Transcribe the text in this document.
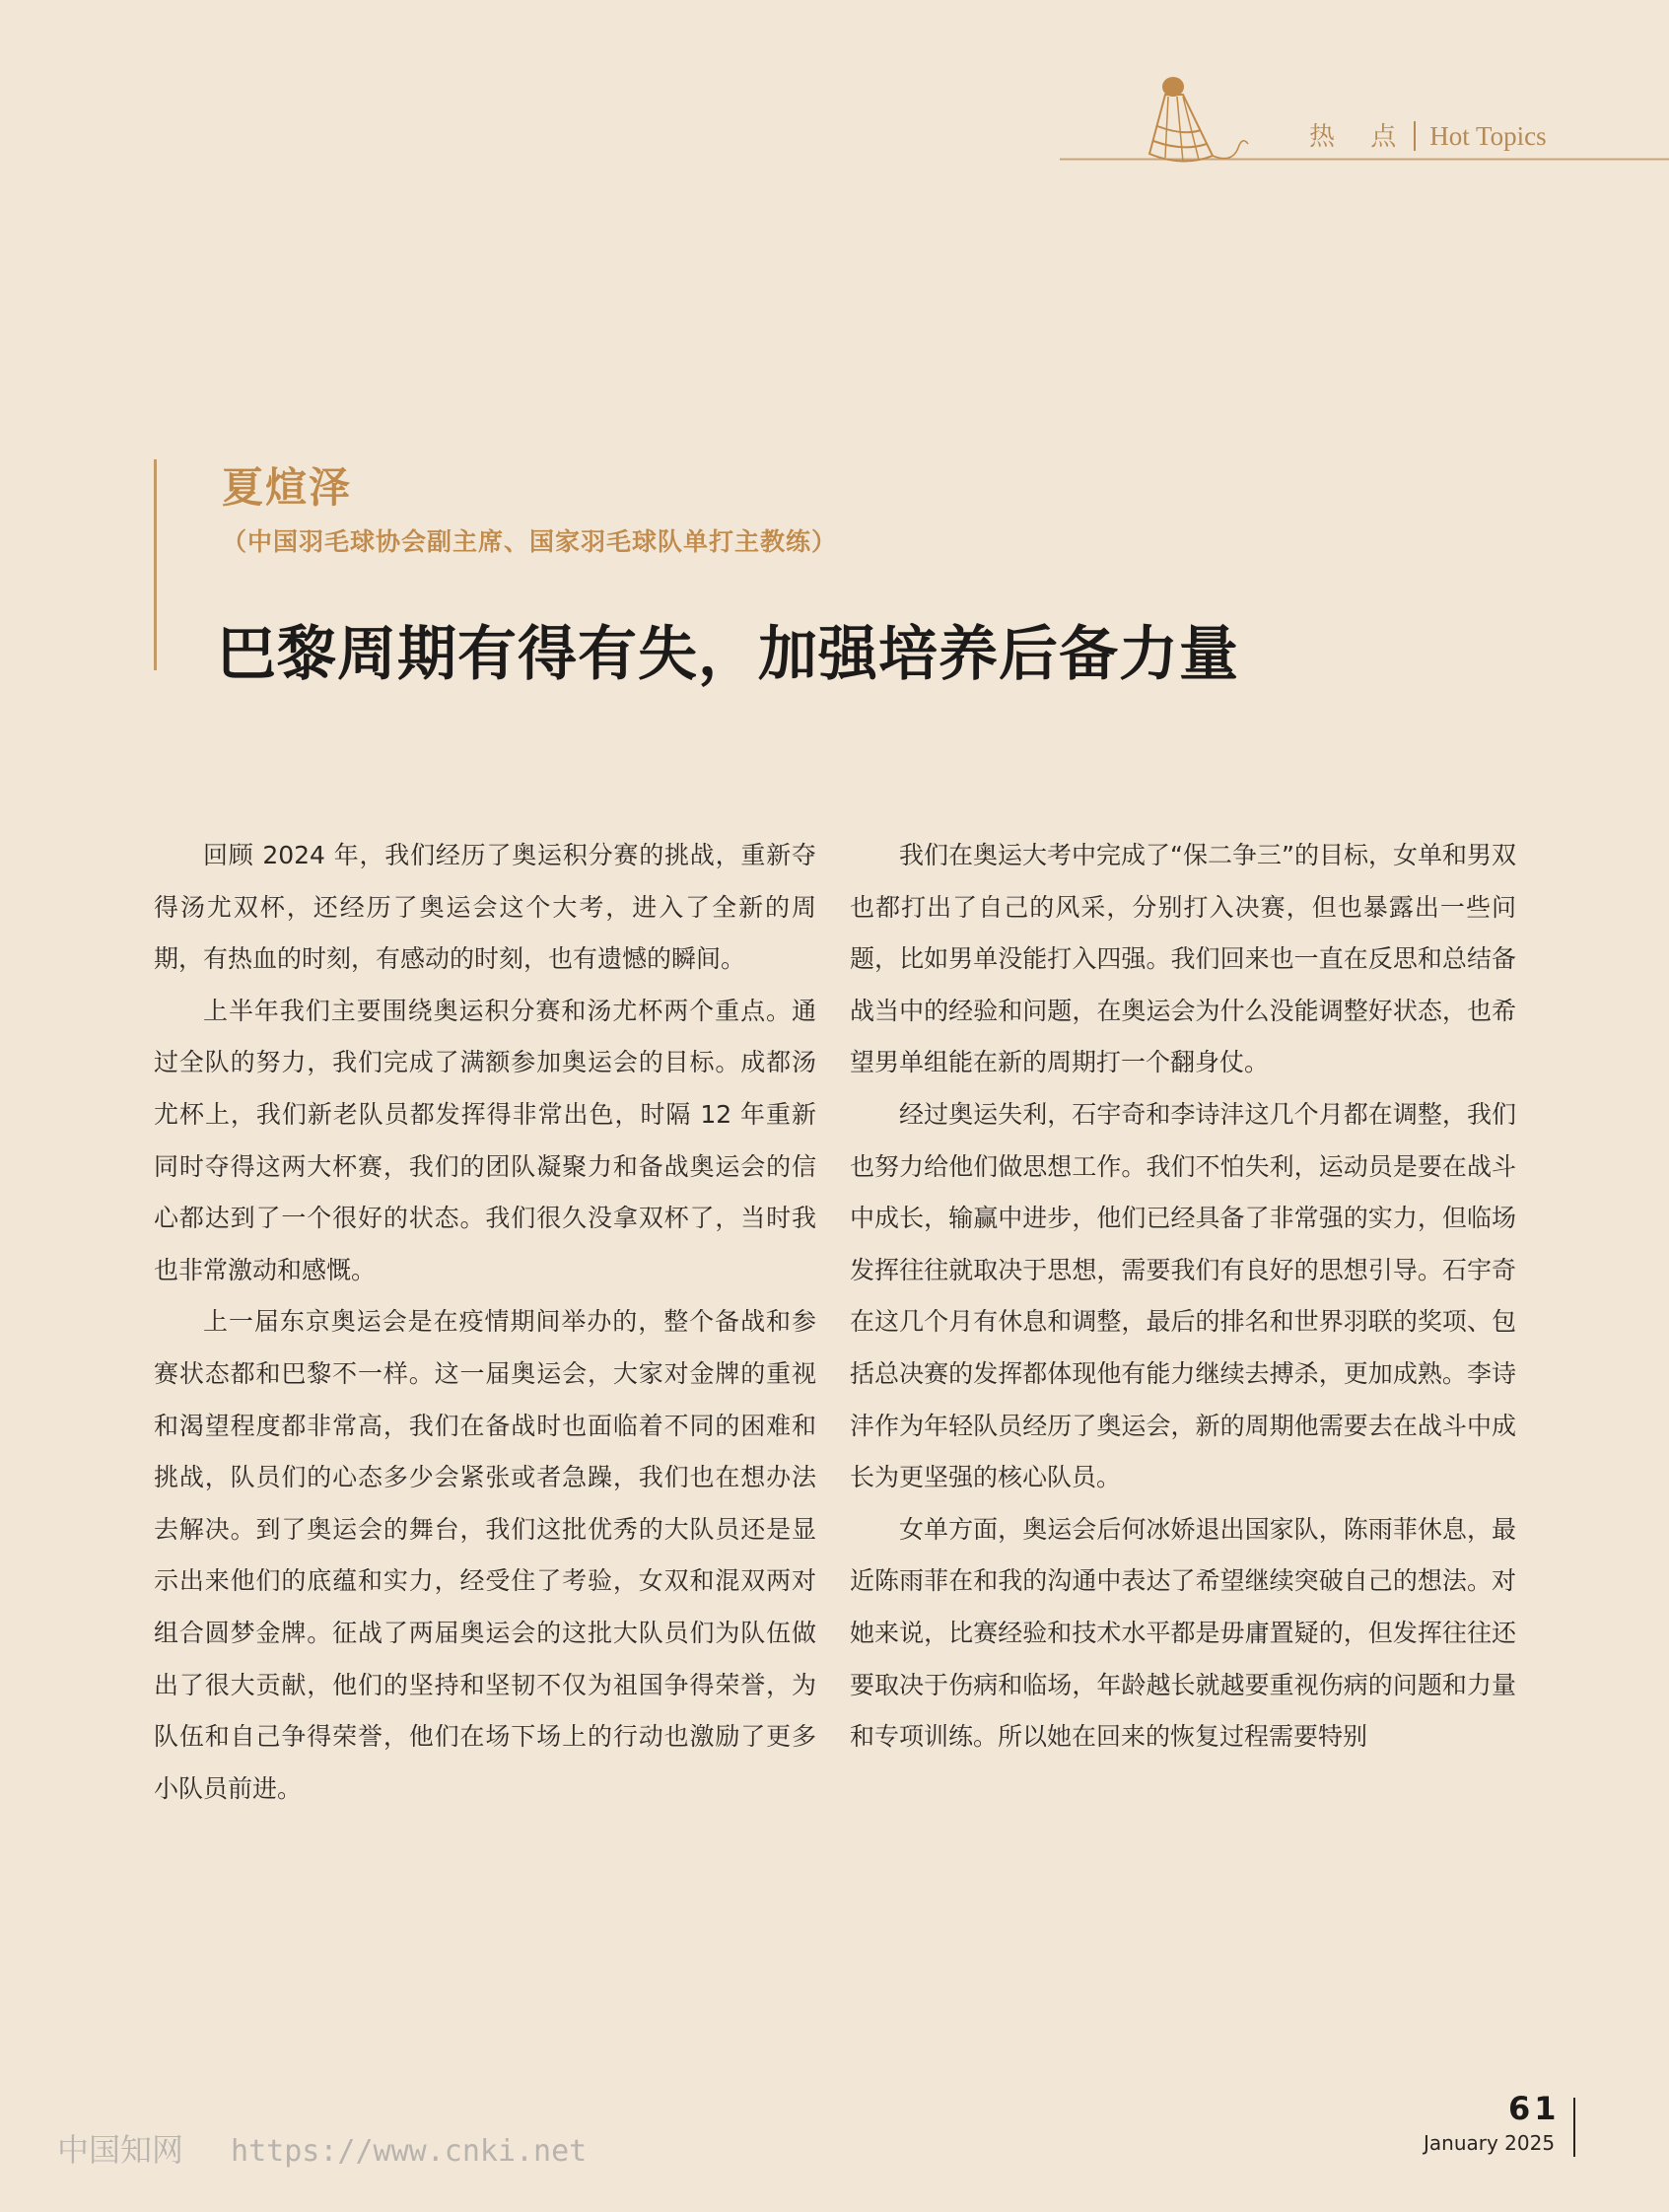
热 点 Hot Topics
夏煊泽
（中国羽毛球协会副主席、国家羽毛球队单打主教练）
巴黎周期有得有失，加强培养后备力量

回顾 2024 年，我们经历了奥运积分赛的挑战，重新夺得汤尤双杯，还经历了奥运会这个大考，进入了全新的周期，有热血的时刻，有感动的时刻，也有遗憾的瞬间。

上半年我们主要围绕奥运积分赛和汤尤杯两个重点。通过全队的努力，我们完成了满额参加奥运会的目标。成都汤尤杯上，我们新老队员都发挥得非常出色，时隔 12 年重新同时夺得这两大杯赛，我们的团队凝聚力和备战奥运会的信心都达到了一个很好的状态。我们很久没拿双杯了，当时我也非常激动和感慨。

上一届东京奥运会是在疫情期间举办的，整个备战和参赛状态都和巴黎不一样。这一届奥运会，大家对金牌的重视和渴望程度都非常高，我们在备战时也面临着不同的困难和挑战，队员们的心态多少会紧张或者急躁，我们也在想办法去解决。到了奥运会的舞台，我们这批优秀的大队员还是显示出来他们的底蕴和实力，经受住了考验，女双和混双两对组合圆梦金牌。征战了两届奥运会的这批大队员们为队伍做出了很大贡献，他们的坚持和坚韧不仅为祖国争得荣誉，为队伍和自己争得荣誉，他们在场下场上的行动也激励了更多小队员前进。

我们在奥运大考中完成了“保二争三”的目标，女单和男双也都打出了自己的风采，分别打入决赛，但也暴露出一些问题，比如男单没能打入四强。我们回来也一直在反思和总结备战当中的经验和问题，在奥运会为什么没能调整好状态，也希望男单组能在新的周期打一个翻身仗。

经过奥运失利，石宇奇和李诗沣这几个月都在调整，我们也努力给他们做思想工作。我们不怕失利，运动员是要在战斗中成长，输赢中进步，他们已经具备了非常强的实力，但临场发挥往往就取决于思想，需要我们有良好的思想引导。石宇奇在这几个月有休息和调整，最后的排名和世界羽联的奖项、包括总决赛的发挥都体现他有能力继续去搏杀，更加成熟。李诗沣作为年轻队员经历了奥运会，新的周期他需要去在战斗中成长为更坚强的核心队员。

女单方面，奥运会后何冰娇退出国家队，陈雨菲休息，最近陈雨菲在和我的沟通中表达了希望继续突破自己的想法。对她来说，比赛经验和技术水平都是毋庸置疑的，但发挥往往还要取决于伤病和临场，年龄越长就越要重视伤病的问题和力量和专项训练。所以她在回来的恢复过程需要特别

中国知网 https://www.cnki.net
61
January 2025
